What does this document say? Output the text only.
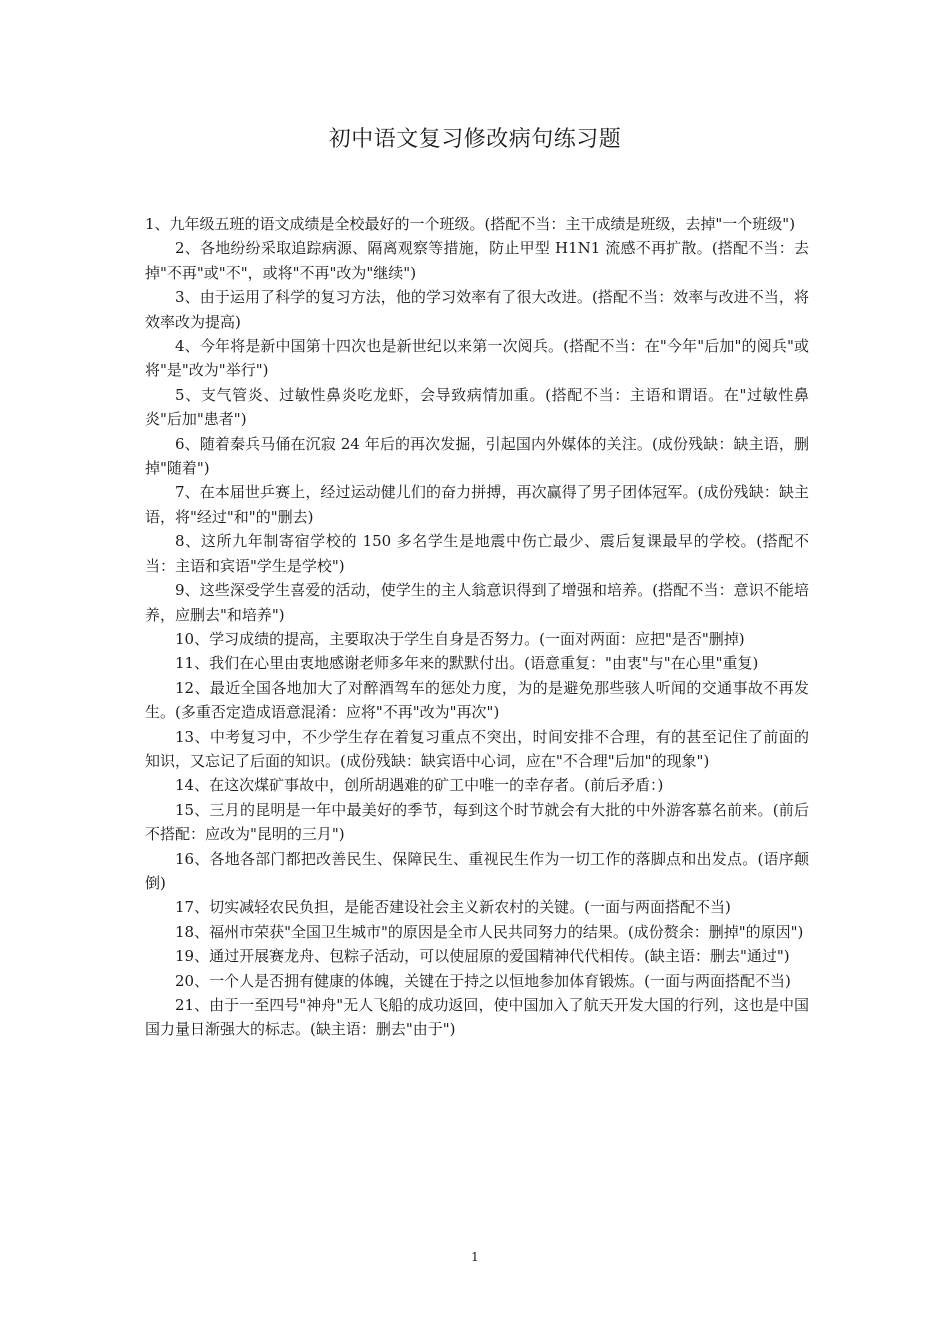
初中语文复习修改病句练习题
1、九年级五班的语文成绩是全校最好的一个班级。(搭配不当：主干成绩是班级，去掉"一个班级")
2、各地纷纷采取追踪病源、隔离观察等措施，防止甲型 H1N1 流感不再扩散。(搭配不当：去掉"不再"或"不"，或将"不再"改为"继续")
3、由于运用了科学的复习方法，他的学习效率有了很大改进。(搭配不当：效率与改进不当，将效率改为提高)
4、今年将是新中国第十四次也是新世纪以来第一次阅兵。(搭配不当：在"今年"后加"的阅兵"或将"是"改为"举行")
5、支气管炎、过敏性鼻炎吃龙虾，会导致病情加重。(搭配不当：主语和谓语。在"过敏性鼻炎"后加"患者")
6、随着秦兵马俑在沉寂 24 年后的再次发掘，引起国内外媒体的关注。(成份残缺：缺主语，删掉"随着")
7、在本届世乒赛上，经过运动健儿们的奋力拼搏，再次赢得了男子团体冠军。(成份残缺：缺主语，将"经过"和"的"删去)
8、这所九年制寄宿学校的 150 多名学生是地震中伤亡最少、震后复课最早的学校。(搭配不当：主语和宾语"学生是学校")
9、这些深受学生喜爱的活动，使学生的主人翁意识得到了增强和培养。(搭配不当：意识不能培养，应删去"和培养")
10、学习成绩的提高，主要取决于学生自身是否努力。(一面对两面：应把"是否"删掉)
11、我们在心里由衷地感谢老师多年来的默默付出。(语意重复："由衷"与"在心里"重复)
12、最近全国各地加大了对醉酒驾车的惩处力度，为的是避免那些骇人听闻的交通事故不再发生。(多重否定造成语意混淆：应将"不再"改为"再次")
13、中考复习中，不少学生存在着复习重点不突出，时间安排不合理，有的甚至记住了前面的知识，又忘记了后面的知识。(成份残缺：缺宾语中心词，应在"不合理"后加"的现象")
14、在这次煤矿事故中，创所胡遇难的矿工中唯一的幸存者。(前后矛盾：)
15、三月的昆明是一年中最美好的季节，每到这个时节就会有大批的中外游客慕名前来。(前后不搭配：应改为"昆明的三月")
16、各地各部门都把改善民生、保障民生、重视民生作为一切工作的落脚点和出发点。(语序颠倒)
17、切实减轻农民负担，是能否建设社会主义新农村的关键。(一面与两面搭配不当)
18、福州市荣获"全国卫生城市"的原因是全市人民共同努力的结果。(成份赘余：删掉"的原因")
19、通过开展赛龙舟、包粽子活动，可以使屈原的爱国精神代代相传。(缺主语：删去"通过")
20、一个人是否拥有健康的体魄，关键在于持之以恒地参加体育锻炼。(一面与两面搭配不当)
21、由于一至四号"神舟"无人飞船的成功返回，使中国加入了航天开发大国的行列，这也是中国国力量日渐强大的标志。(缺主语：删去"由于")
1
